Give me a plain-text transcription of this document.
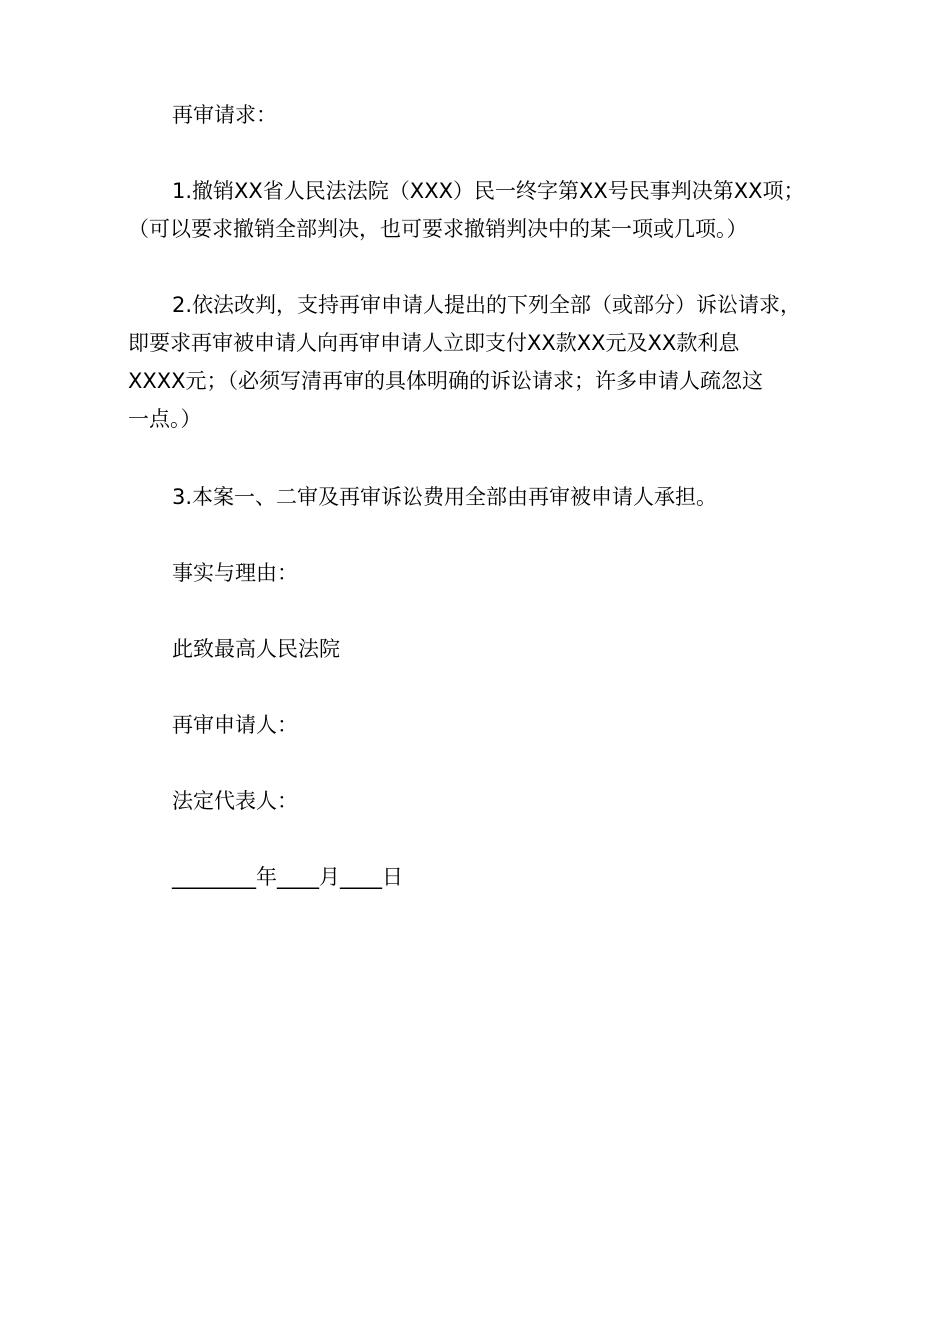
再审请求：

1.撤销XX省人民法法院（XXX）民一终字第XX号民事判决第XX项；
（可以要求撤销全部判决，也可要求撤销判决中的某一项或几项。）
2.依法改判，支持再审申请人提出的下列全部（或部分）诉讼请求，
即要求再审被申请人向再审申请人立即支付XX款XX元及XX款利息
XXXX元；（必须写清再审的具体明确的诉讼请求；许多申请人疏忽这
一点。）

3.本案一、二审及再审诉讼费用全部由再审被申请人承担。

事实与理由：

此致最高人民法院

再审申请人：

法定代表人：

________年____月____日
